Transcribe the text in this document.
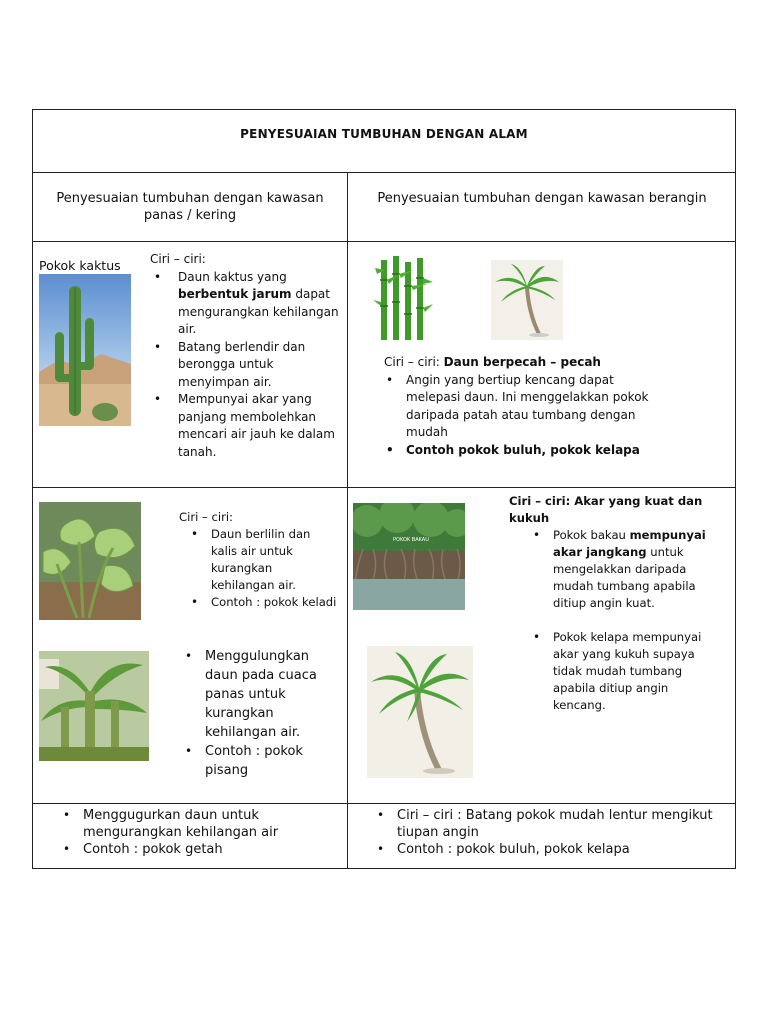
PENYESUAIAN TUMBUHAN DENGAN ALAM
Penyesuaian tumbuhan dengan kawasan panas / kering
Penyesuaian tumbuhan dengan kawasan berangin
Pokok kaktus Ciri – ciri:
• Daun kaktus yang berbentuk jarum dapat mengurangkan kehilangan air.
• Batang berlendir dan berongga untuk menyimpan air.
• Mempunyai akar yang panjang membolehkan mencari air jauh ke dalam tanah.
Ciri – ciri: Daun berpecah – pecah
• Angin yang bertiup kencang dapat melepasi daun. Ini menggelakkan pokok daripada patah atau tumbang dengan mudah
• Contoh pokok buluh, pokok kelapa
Ciri – ciri:
• Daun berlilin dan kalis air untuk kurangkan kehilangan air.
• Contoh : pokok keladi
• Menggulungkan daun pada cuaca panas untuk kurangkan kehilangan air.
• Contoh : pokok pisang
Ciri – ciri: Akar yang kuat dan kukuh
POKOK BAKAU
•	Pokok bakau mempunyai akar jangkang untuk mengelakkan daripada mudah tumbang apabila ditiup angin kuat.
• Pokok kelapa mempunyai akar yang kukuh supaya tidak mudah tumbang apabila ditiup angin kencang.
• Menggugurkan daun untuk mengurangkan kehilangan air
• Contoh : pokok getah
• Ciri – ciri : Batang pokok mudah lentur mengikut tiupan angin
• Contoh : pokok buluh, pokok kelapa
